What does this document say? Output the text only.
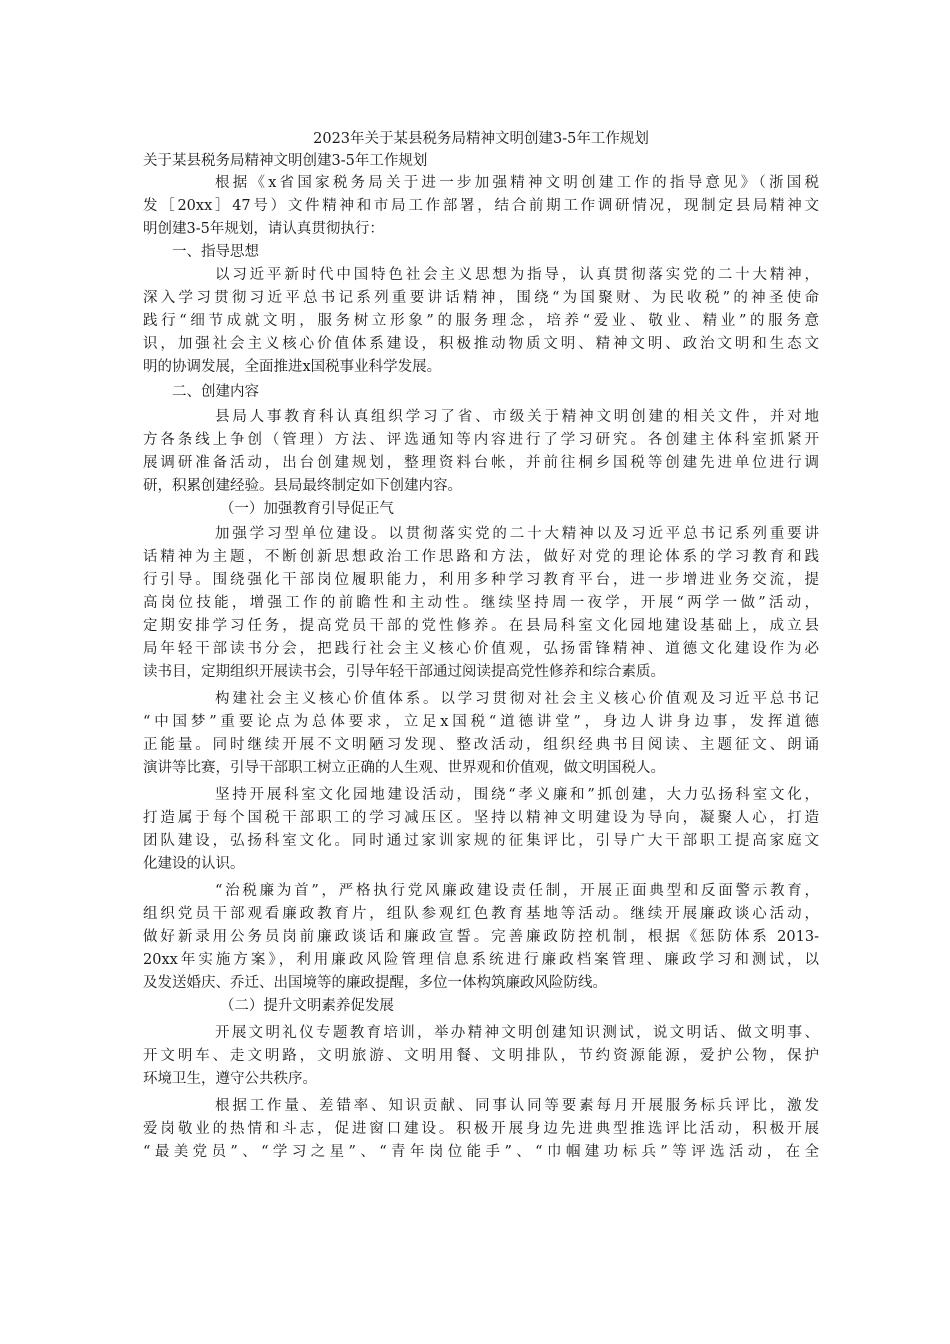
2023年关于某县税务局精神文明创建3-5年工作规划
关于某县税务局精神文明创建3-5年工作规划
根据《x省国家税务局关于进一步加强精神文明创建工作的指导意见》（浙国税
发［20xx］47号）文件精神和市局工作部署，结合前期工作调研情况，现制定县局精神文
明创建3-5年规划，请认真贯彻执行：
一、指导思想
以习近平新时代中国特色社会主义思想为指导，认真贯彻落实党的二十大精神，
深入学习贯彻习近平总书记系列重要讲话精神，围绕“为国聚财、为民收税”的神圣使命
践行“细节成就文明，服务树立形象”的服务理念，培养“爱业、敬业、精业”的服务意
识，加强社会主义核心价值体系建设，积极推动物质文明、精神文明、政治文明和生态文
明的协调发展，全面推进x国税事业科学发展。
二、创建内容
县局人事教育科认真组织学习了省、市级关于精神文明创建的相关文件，并对地
方各条线上争创（管理）方法、评选通知等内容进行了学习研究。各创建主体科室抓紧开
展调研准备活动，出台创建规划，整理资料台帐，并前往桐乡国税等创建先进单位进行调
研，积累创建经验。县局最终制定如下创建内容。
（一）加强教育引导促正气
加强学习型单位建设。以贯彻落实党的二十大精神以及习近平总书记系列重要讲
话精神为主题，不断创新思想政治工作思路和方法，做好对党的理论体系的学习教育和践
行引导。围绕强化干部岗位履职能力，利用多种学习教育平台，进一步增进业务交流，提
高岗位技能，增强工作的前瞻性和主动性。继续坚持周一夜学，开展“两学一做”活动，
定期安排学习任务，提高党员干部的党性修养。在县局科室文化园地建设基础上，成立县
局年轻干部读书分会，把践行社会主义核心价值观，弘扬雷锋精神、道德文化建设作为必
读书目，定期组织开展读书会，引导年轻干部通过阅读提高党性修养和综合素质。
构建社会主义核心价值体系。以学习贯彻对社会主义核心价值观及习近平总书记
“中国梦”重要论点为总体要求，立足x国税“道德讲堂”，身边人讲身边事，发挥道德
正能量。同时继续开展不文明陋习发现、整改活动，组织经典书目阅读、主题征文、朗诵
演讲等比赛，引导干部职工树立正确的人生观、世界观和价值观，做文明国税人。
坚持开展科室文化园地建设活动，围绕“孝义廉和”抓创建，大力弘扬科室文化，
打造属于每个国税干部职工的学习减压区。坚持以精神文明建设为导向，凝聚人心，打造
团队建设，弘扬科室文化。同时通过家训家规的征集评比，引导广大干部职工提高家庭文
化建设的认识。
“治税廉为首”，严格执行党风廉政建设责任制，开展正面典型和反面警示教育，
组织党员干部观看廉政教育片，组队参观红色教育基地等活动。继续开展廉政谈心活动，
做好新录用公务员岗前廉政谈话和廉政宣誓。完善廉政防控机制，根据《惩防体系 2013-
20xx年实施方案》，利用廉政风险管理信息系统进行廉政档案管理、廉政学习和测试，以
及发送婚庆、乔迁、出国境等的廉政提醒，多位一体构筑廉政风险防线。
（二）提升文明素养促发展
开展文明礼仪专题教育培训，举办精神文明创建知识测试，说文明话、做文明事、
开文明车、走文明路，文明旅游、文明用餐、文明排队，节约资源能源，爱护公物，保护
环境卫生，遵守公共秩序。
根据工作量、差错率、知识贡献、同事认同等要素每月开展服务标兵评比，激发
爱岗敬业的热情和斗志，促进窗口建设。积极开展身边先进典型推选评比活动，积极开展
“最美党员”、“学习之星”、“青年岗位能手”、“巾帼建功标兵”等评选活动，在全
